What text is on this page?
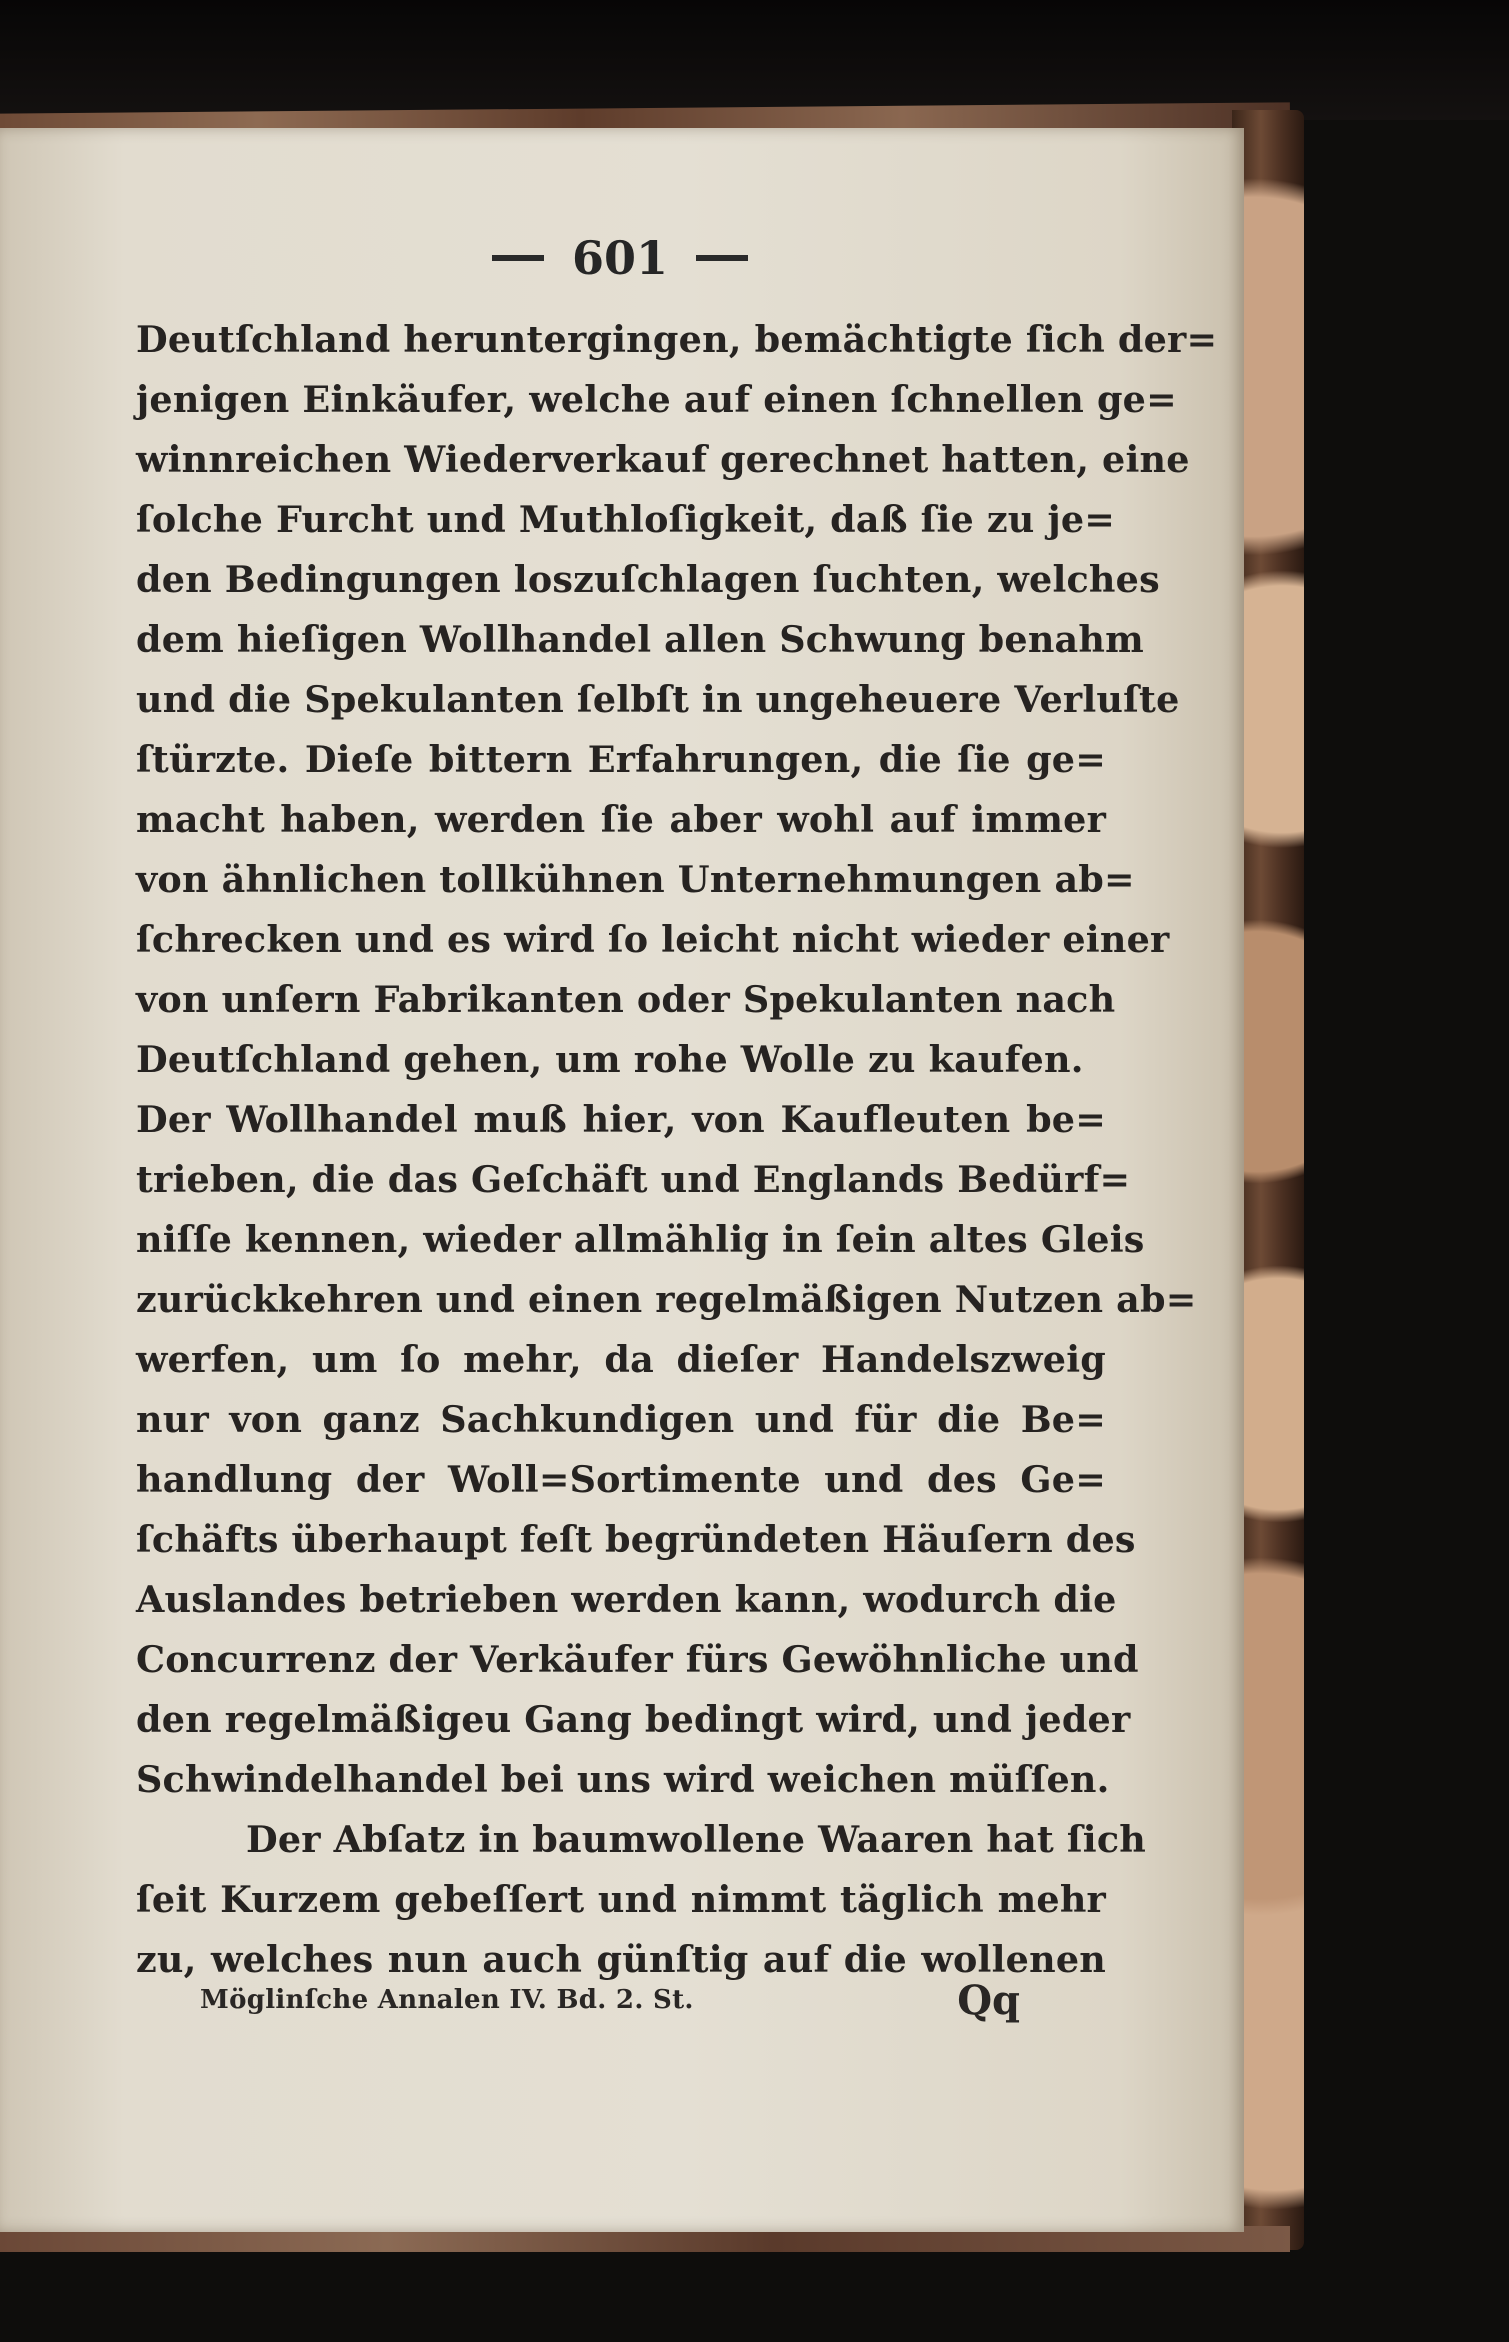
601
Deutſchland heruntergingen, bemächtigte ſich der=
jenigen Einkäufer, welche auf einen ſchnellen ge=
winnreichen Wiederverkauf gerechnet hatten, eine
ſolche Furcht und Muthloſigkeit, daß ſie zu je=
den Bedingungen loszuſchlagen ſuchten, welches
dem hieſigen Wollhandel allen Schwung benahm
und die Spekulanten ſelbſt in ungeheuere Verluſte
ſtürzte. Dieſe bittern Erfahrungen, die ſie ge=
macht haben, werden ſie aber wohl auf immer
von ähnlichen tollkühnen Unternehmungen ab=
ſchrecken und es wird ſo leicht nicht wieder einer
von unſern Fabrikanten oder Spekulanten nach
Deutſchland gehen, um rohe Wolle zu kaufen.
Der Wollhandel muß hier, von Kaufleuten be=
trieben, die das Geſchäft und Englands Bedürf=
niſſe kennen, wieder allmählig in ſein altes Gleis
zurückkehren und einen regelmäßigen Nutzen ab=
werfen, um ſo mehr, da dieſer Handelszweig
nur von ganz Sachkundigen und für die Be=
handlung der Woll=Sortimente und des Ge=
ſchäfts überhaupt feſt begründeten Häuſern des
Auslandes betrieben werden kann, wodurch die
Concurrenz der Verkäufer fürs Gewöhnliche und
den regelmäßigeu Gang bedingt wird, und jeder
Schwindelhandel bei uns wird weichen müſſen.
Der Abſatz in baumwollene Waaren hat ſich
ſeit Kurzem gebeſſert und nimmt täglich mehr
zu, welches nun auch günſtig auf die wollenen
Möglinſche Annalen IV. Bd. 2. St.	Qq
